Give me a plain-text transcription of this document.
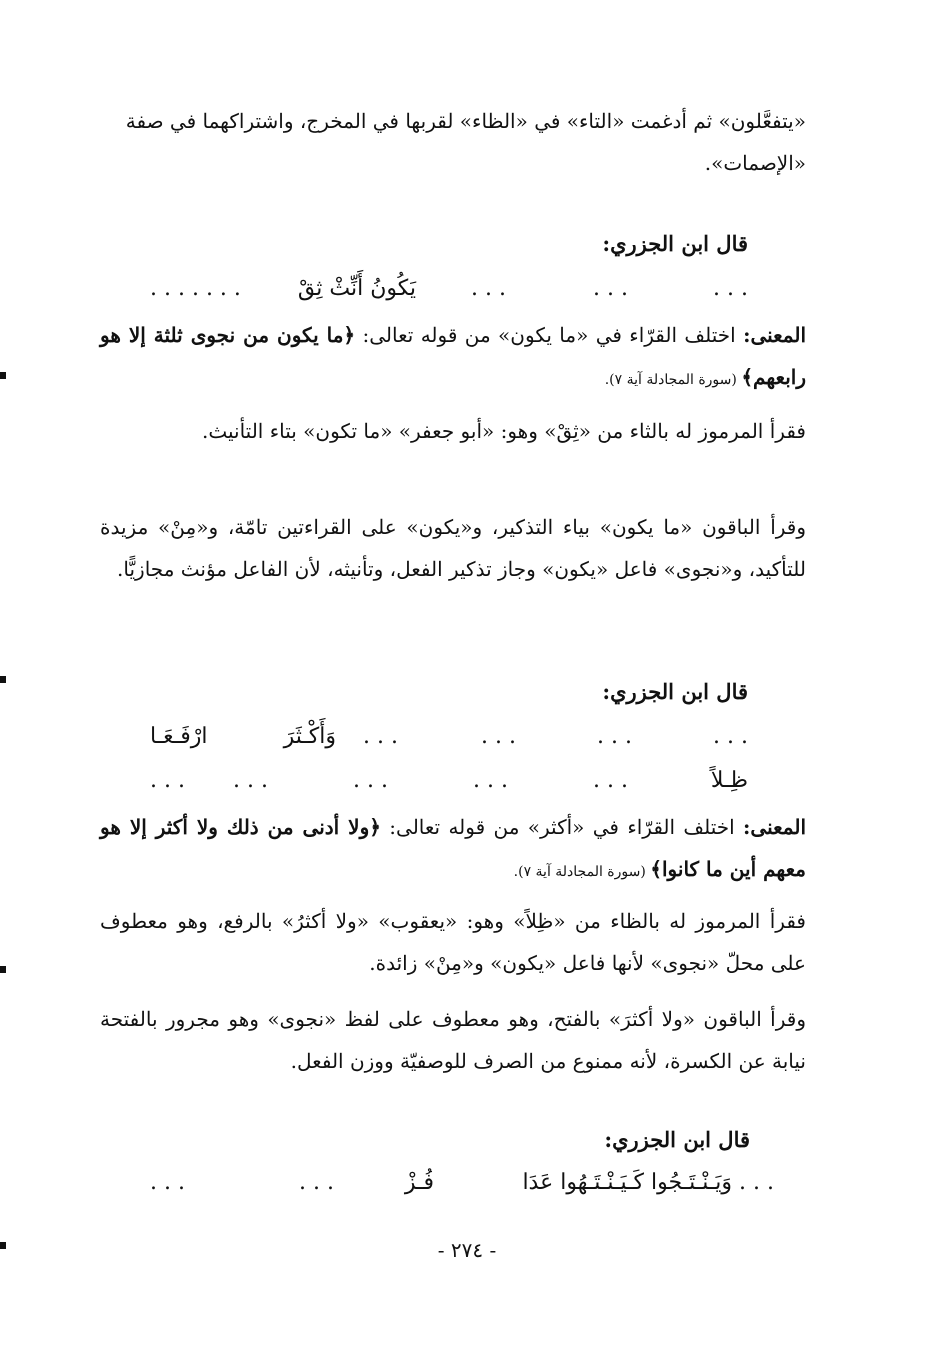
«يتفعَّلون» ثم أدغمت «التاء» في «الظاء» لقربها في المخرج، واشتراكهما في صفة
«الإصمات».
قال ابن الجزري:
. . .
. . .
. . .
يَكُونُ أَنِّثْ ثِقْ
. . . . . . .
المعنى: اختلف القرّاء في «ما يكون» من قوله تعالى: ﴿ما يكون من نجوى ثلثة إلا هو رابعهم﴾ (سورة المجادلة آية ٧).
فقرأ المرموز له بالثاء من «ثِقْ» وهو: «أبو جعفر» «ما تكون» بتاء التأنيث.
وقرأ الباقون «ما يكون» بياء التذكير، و«يكون» على القراءتين تامّة، و«مِنْ» مزيدة للتأكيد، و«نجوى» فاعل «يكون» وجاز تذكير الفعل، وتأنيثه، لأن الفاعل مؤنث مجازيًّا.
قال ابن الجزري:
. . .
. . .
. . .
. . .
وَأَكْـثَرَ
ارْفَـعَـا
ظِـلاً
. . .
. . .
. . .
. . .
. . .
المعنى: اختلف القرّاء في «أكثر» من قوله تعالى: ﴿ولا أدنى من ذلك ولا أكثر إلا هو معهم أين ما كانوا﴾ (سورة المجادلة آية ٧).
فقرأ المرموز له بالظاء من «ظِلاً» وهو: «يعقوب» «ولا أكثرُ» بالرفع، وهو معطوف على محلّ «نجوى» لأنها فاعل «يكون» و«مِنْ» زائدة.
وقرأ الباقون «ولا أكثرَ» بالفتح، وهو معطوف على لفظ «نجوى» وهو مجرور بالفتحة نيابة عن الكسرة، لأنه ممنوع من الصرف للوصفيّة ووزن الفعل.
قال ابن الجزري:
. . . وَيَـنْـتَـجُوا كَـيَـنْـتَـهُوا عَدَا
فُـزْ
. . .
. . .
- ٢٧٤ -
